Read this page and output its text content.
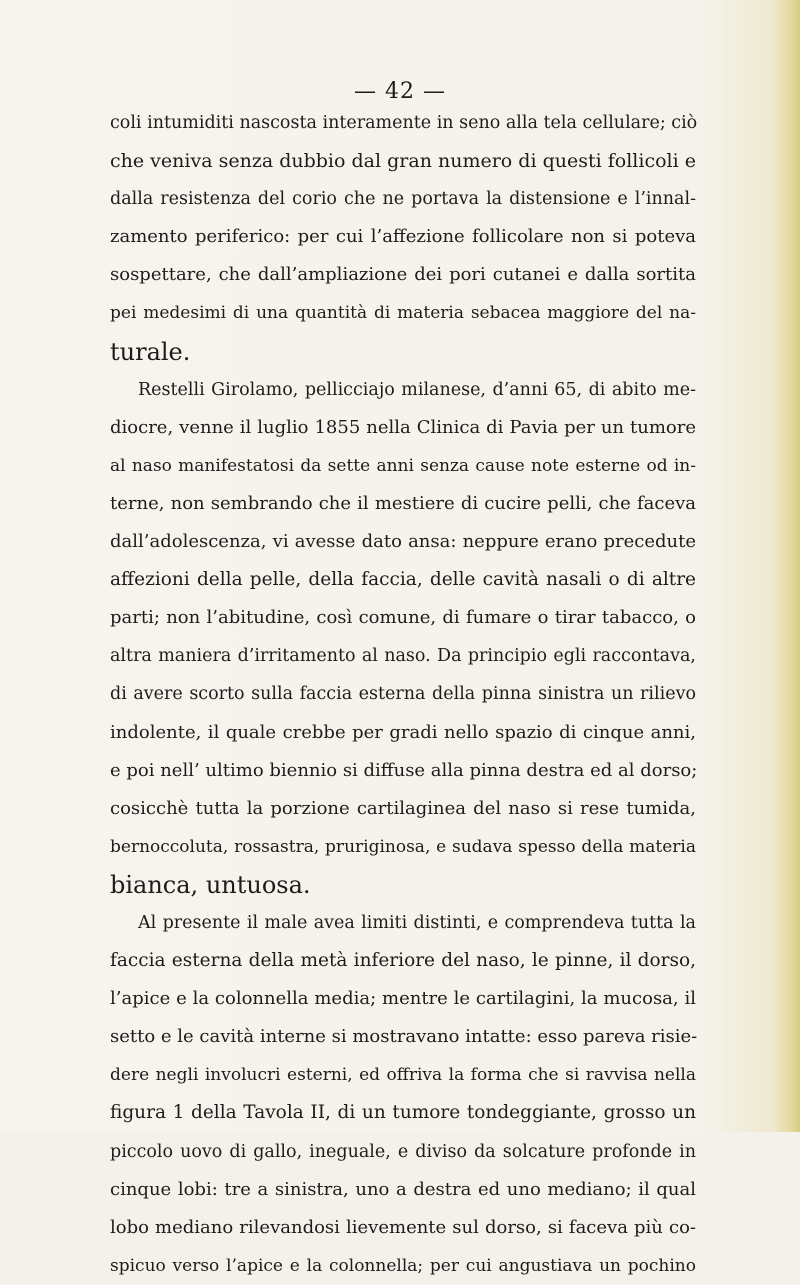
— 42 —
coli intumiditi nascosta interamente in seno alla tela cellulare; ciò
che veniva senza dubbio dal gran numero di questi follicoli e
dalla resistenza del corio che ne portava la distensione e l’innal-
zamento periferico: per cui l’affezione follicolare non si poteva
sospettare, che dall’ampliazione dei pori cutanei e dalla sortita
pei medesimi di una quantità di materia sebacea maggiore del na-
turale.
Restelli Girolamo, pellicciajo milanese, d’anni 65, di abito me-
diocre, venne il luglio 1855 nella Clinica di Pavia per un tumore
al naso manifestatosi da sette anni senza cause note esterne od in-
terne, non sembrando che il mestiere di cucire pelli, che faceva
dall’adolescenza, vi avesse dato ansa: neppure erano precedute
affezioni della pelle, della faccia, delle cavità nasali o di altre
parti; non l’abitudine, così comune, di fumare o tirar tabacco, o
altra maniera d’irritamento al naso. Da principio egli raccontava,
di avere scorto sulla faccia esterna della pinna sinistra un rilievo
indolente, il quale crebbe per gradi nello spazio di cinque anni,
e poi nell’ ultimo biennio si diffuse alla pinna destra ed al dorso;
cosicchè tutta la porzione cartilaginea del naso si rese tumida,
bernoccoluta, rossastra, pruriginosa, e sudava spesso della materia
bianca, untuosa.
Al presente il male avea limiti distinti, e comprendeva tutta la
faccia esterna della metà inferiore del naso, le pinne, il dorso,
l’apice e la colonnella media; mentre le cartilagini, la mucosa, il
setto e le cavità interne si mostravano intatte: esso pareva risie-
dere negli involucri esterni, ed offriva la forma che si ravvisa nella
figura 1 della Tavola II, di un tumore tondeggiante, grosso un
piccolo uovo di gallo, ineguale, e diviso da solcature profonde in
cinque lobi: tre a sinistra, uno a destra ed uno mediano; il qual
lobo mediano rilevandosi lievemente sul dorso, si faceva più co-
spicuo verso l’apice e la colonnella; per cui angustiava un pochino
